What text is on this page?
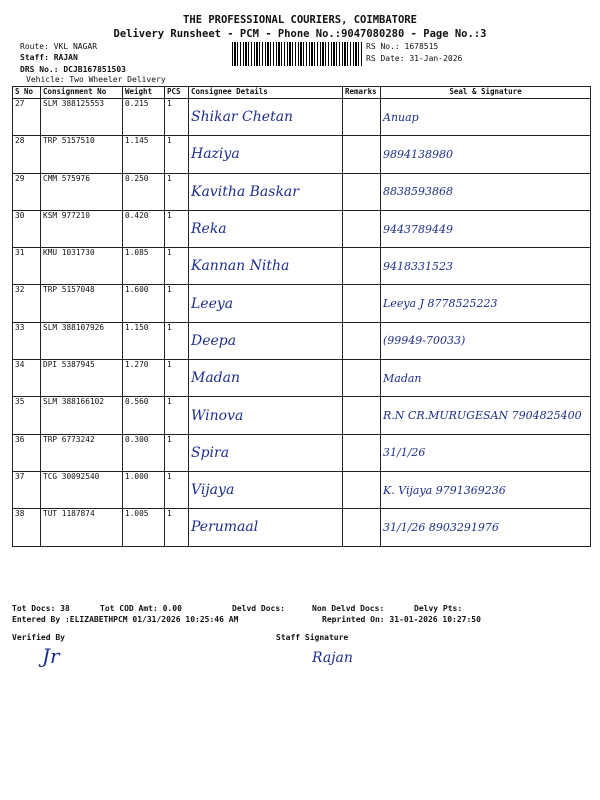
THE PROFESSIONAL COURIERS, COIMBATORE
Delivery Runsheet - PCM - Phone No.:9047080280 - Page No.:3
Route: VKL NAGAR
Staff: RAJAN
DRS No.: DCJB167851503
Vehicle: Two Wheeler Delivery
RS No.: 1678515
RS Date: 31-Jan-2026
S No	Consignment No	Weight	PCS	Consignee Details	Remarks	Seal & Signature
27	SLM 388125553	0.215	1	Shikar Chetan		Anuap
28	TRP 5157510	1.145	1	Haziya		9894138980
29	CMM 575976	0.250	1	Kavitha Baskar		8838593868
30	KSM 977210	0.420	1	Reka		9443789449
31	KMU 1031730	1.085	1	Kannan Nitha		9418331523
32	TRP 5157048	1.600	1	Leeya		Leeya J 8778525223
33	SLM 388107926	1.150	1	Deepa		(99949-70033)
34	DPI 5387945	1.270	1	Madan		Madan
35	SLM 388166102	0.560	1	Winova		R.N CR.MURUGESAN 7904825400
36	TRP 6773242	0.300	1	Spira		31/1/26
37	TCG 30092540	1.000	1	Vijaya		K. Vijaya 9791369236
38	TUT 1187874	1.005	1	Perumaal		31/1/26 8903291976
Tot Docs: 38	Tot COD Amt: 0.00	Delvd Docs:	Non Delvd Docs:	Delvy Pts:
Entered By :ELIZABETHPCM 01/31/2026 10:25:46 AM	Reprinted On: 31-01-2026 10:27:50
Verified By	Staff Signature
Jr	Rajan
